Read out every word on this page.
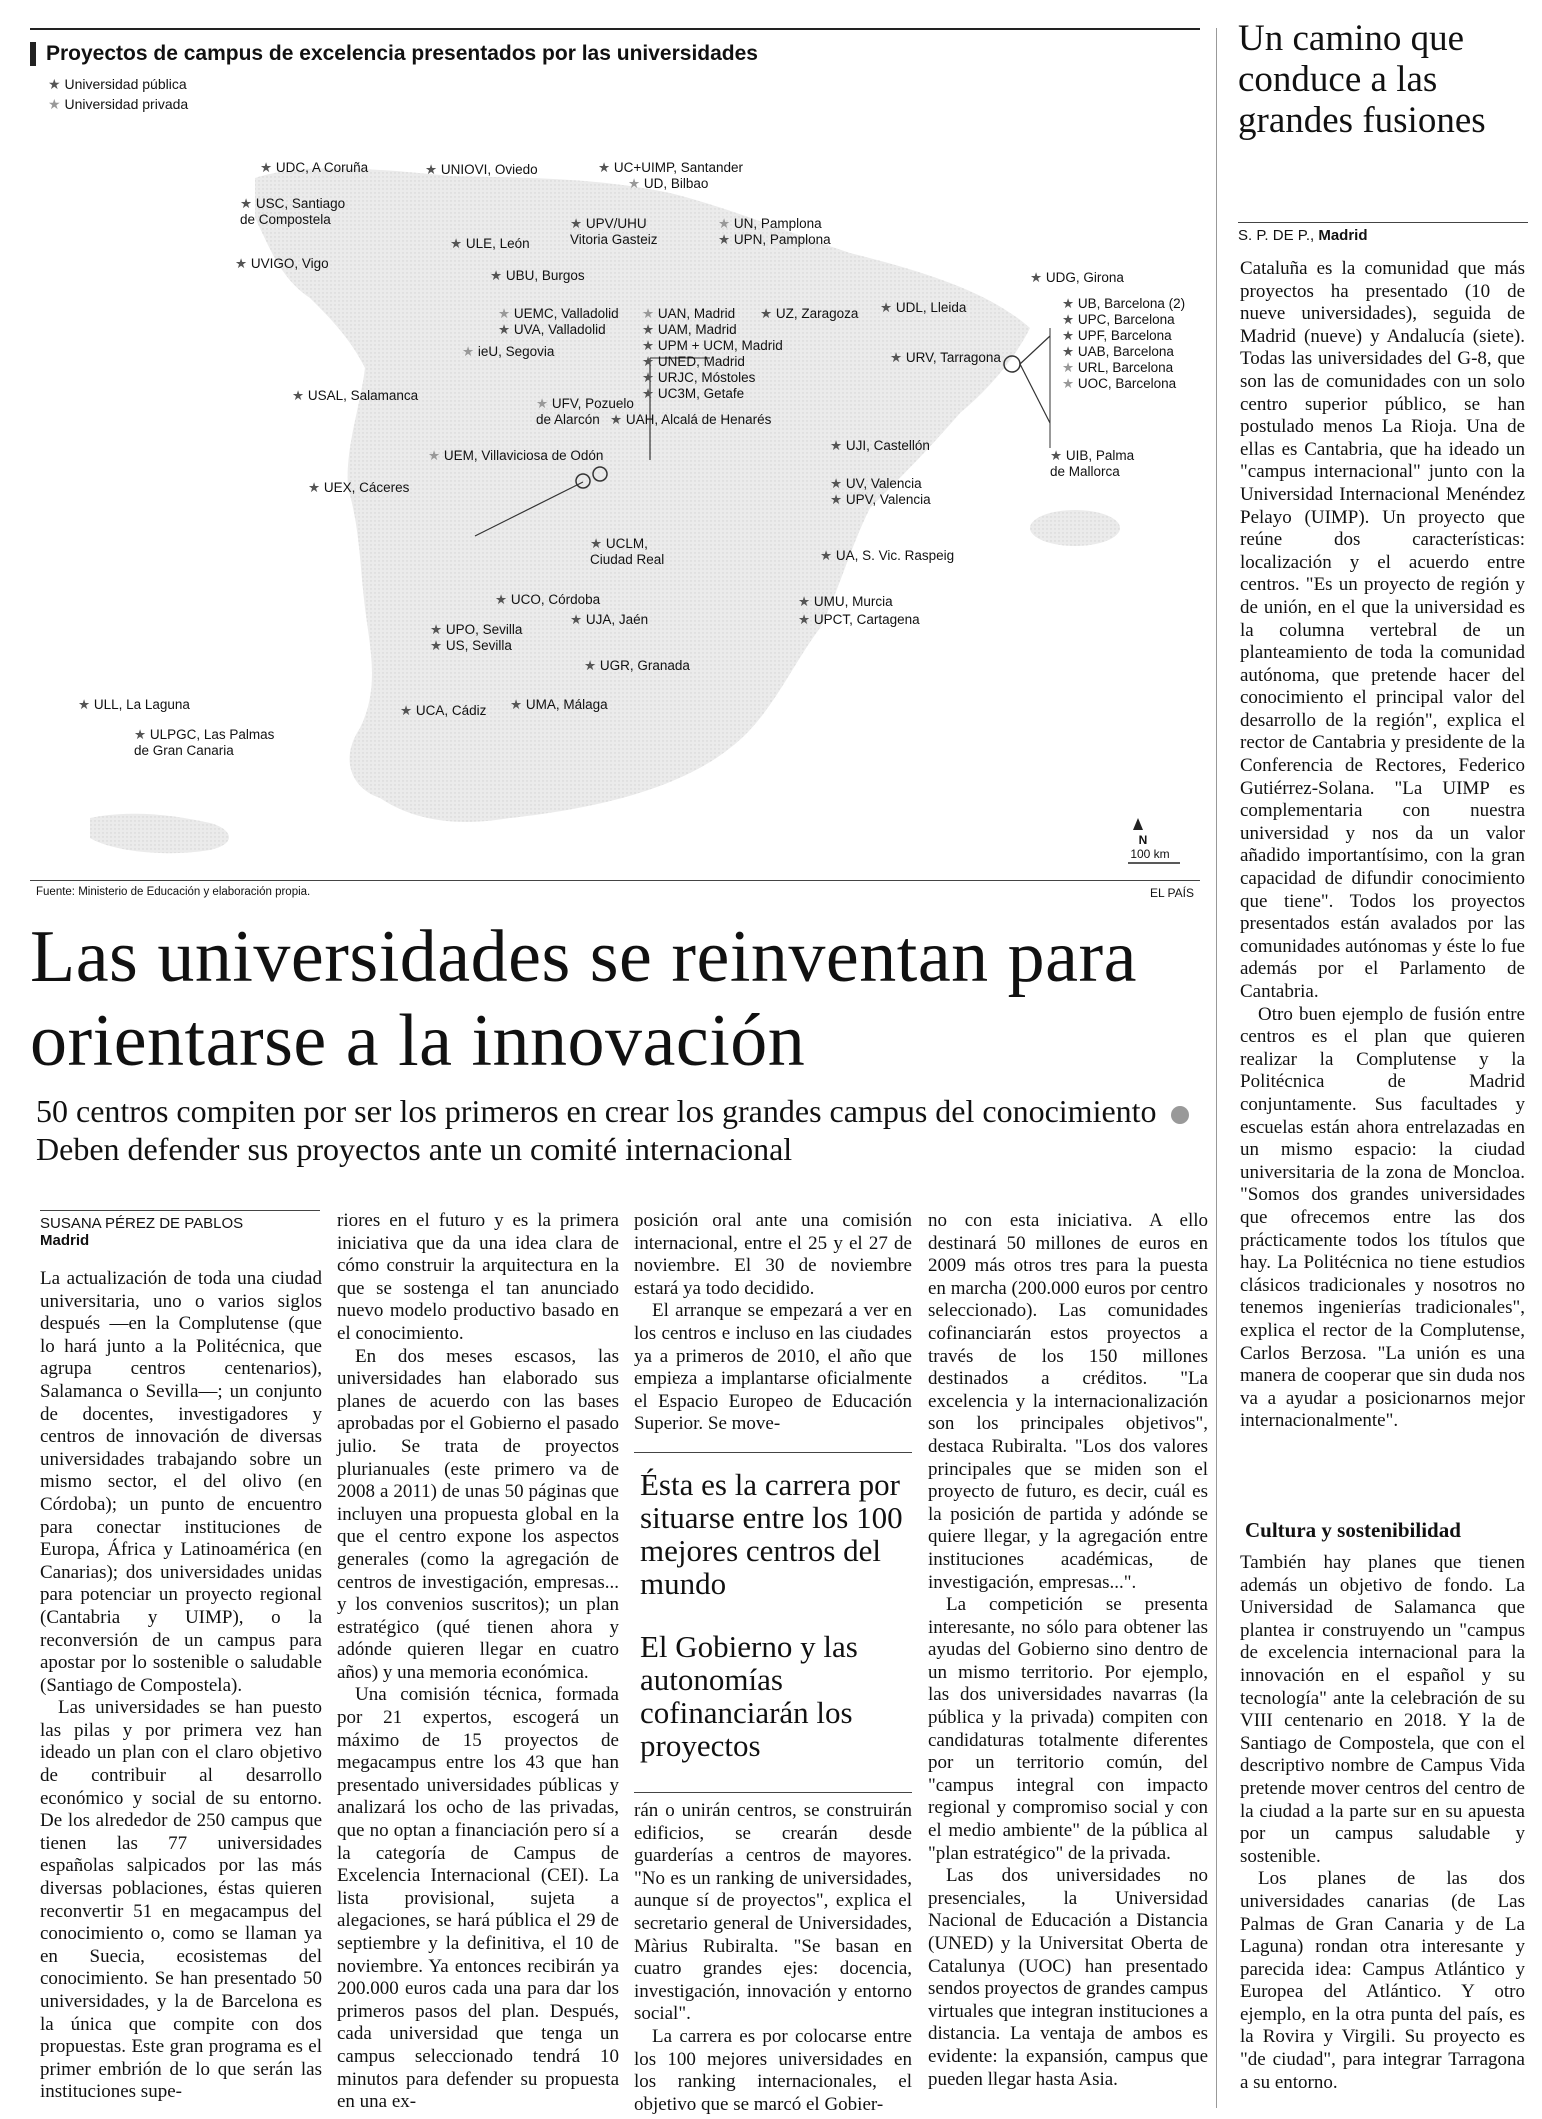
Proyectos de campus de excelencia presentados por las universidades
★ Universidad pública
★ Universidad privada
★ UDC, A Coruña	★ UNIOVI, Oviedo	★ UC+UIMP, Santander
★ UD, Bilbao
★ USC, Santiago
de Compostela	★ UPV/UHU
Vitoria Gasteiz
★ UN, Pamplona
★ UPN, Pamplona
★ ULE, León
★ UVIGO, Vigo
★ UBU, Burgos	★ UDG, Girona
★ UDL, Lleida
★ UEMC, Valladolid
★ UVA, Valladolid
★ ieU, Segovia
★ UAN, Madrid
★ UAM, Madrid
★ UPM + UCM, Madrid
★ UNED, Madrid
★ URJC, Móstoles
★ UC3M, Getafe
★ UZ, Zaragoza
★ URV, Tarragona
★ UB, Barcelona (2)
★ UPC, Barcelona
★ UPF, Barcelona
★ UAB, Barcelona
★ URL, Barcelona
★ UOC, Barcelona
★ USAL, Salamanca
★ UFV, Pozuelo
de Alarcón ★ UAH, Alcalá de Henarés
★ UJI, Castellón
★ UEM, Villaviciosa de Odón	★ UIB, Palma
de Mallorca
★ UEX, Cáceres	★ UV, Valencia
★ UPV, Valencia
★ UCLM,
Ciudad Real	★ UA, S. Vic. Raspeig
★ UCO, Córdoba	★ UMU, Murcia
★ UJA, Jaén	★ UPCT, Cartagena
★ UPO, Sevilla
★ US, Sevilla
★ UGR, Granada
★ ULL, La Laguna	★ UCA, Cádiz ★ UMA, Málaga
★ ULPGC, Las Palmas
de Gran Canaria
N
100 km
Fuente: Ministerio de Educación y elaboración propia.	EL PAÍS
Las universidades se reinventan para orientarse a la innovación
50 centros compiten por ser los primeros en crear los grandes campus del conocimiento  Deben defender sus proyectos ante un comité internacional
SUSANA PÉREZ DE PABLOS
Madrid

La actualización de toda una ciudad universitaria, uno o varios siglos después —en la Complutense (que lo hará junto a la Politécnica, que agrupa centros centenarios), Salamanca o Sevilla—; un conjunto de docentes, investigadores y centros de innovación de diversas universidades trabajando sobre un mismo sector, el del olivo (en Córdoba); un punto de encuentro para conectar instituciones de Europa, África y Latinoamérica (en Canarias); dos universidades unidas para potenciar un proyecto regional (Cantabria y UIMP), o la reconversión de un campus para apostar por lo sostenible o saludable (Santiago de Compostela).

Las universidades se han puesto las pilas y por primera vez han ideado un plan con el claro objetivo de contribuir al desarrollo económico y social de su entorno. De los alrededor de 250 campus que tienen las 77 universidades españolas salpicados por las más diversas poblaciones, éstas quieren reconvertir 51 en megacampus del conocimiento o, como se llaman ya en Suecia, ecosistemas del conocimiento. Se han presentado 50 universidades, y la de Barcelona es la única que compite con dos propuestas. Este gran programa es el primer embrión de lo que serán las instituciones supe-

riores en el futuro y es la primera iniciativa que da una idea clara de cómo construir la arquitectura en la que se sostenga el tan anunciado nuevo modelo productivo basado en el conocimiento.

En dos meses escasos, las universidades han elaborado sus planes de acuerdo con las bases aprobadas por el Gobierno el pasado julio. Se trata de proyectos plurianuales (este primero va de 2008 a 2011) de unas 50 páginas que incluyen una propuesta global en la que el centro expone los aspectos generales (como la agregación de centros de investigación, empresas... y los convenios suscritos); un plan estratégico (qué tienen ahora y adónde quieren llegar en cuatro años) y una memoria económica.

Una comisión técnica, formada por 21 expertos, escogerá un máximo de 15 proyectos de megacampus entre los 43 que han presentado universidades públicas y analizará los ocho de las privadas, que no optan a financiación pero sí a la categoría de Campus de Excelencia Internacional (CEI). La lista provisional, sujeta a alegaciones, se hará pública el 29 de septiembre y la definitiva, el 10 de noviembre. Ya entonces recibirán ya 200.000 euros cada una para dar los primeros pasos del plan. Después, cada universidad que tenga un campus seleccionado tendrá 10 minutos para defender su propuesta en una ex-

posición oral ante una comisión internacional, entre el 25 y el 27 de noviembre. El 30 de noviembre estará ya todo decidido.

El arranque se empezará a ver en los centros e incluso en las ciudades ya a primeros de 2010, el año que empieza a implantarse oficialmente el Espacio Europeo de Educación Superior. Se move-

Ésta es la carrera por situarse entre los 100 mejores centros del mundo
El Gobierno y las autonomías cofinanciarán los proyectos

rán o unirán centros, se construirán edificios, se crearán desde guarderías a centros de mayores. "No es un ranking de universidades, aunque sí de proyectos", explica el secretario general de Universidades, Màrius Rubiralta. "Se basan en cuatro grandes ejes: docencia, investigación, innovación y entorno social".

La carrera es por colocarse entre los 100 mejores universidades en los ranking internacionales, el objetivo que se marcó el Gobier-

no con esta iniciativa. A ello destinará 50 millones de euros en 2009 más otros tres para la puesta en marcha (200.000 euros por centro seleccionado). Las comunidades cofinanciarán estos proyectos a través de los 150 millones destinados a créditos. "La excelencia y la internacionalización son los principales objetivos", destaca Rubiralta. "Los dos valores principales que se miden son el proyecto de futuro, es decir, cuál es la posición de partida y adónde se quiere llegar, y la agregación entre instituciones académicas, de investigación, empresas...".

La competición se presenta interesante, no sólo para obtener las ayudas del Gobierno sino dentro de un mismo territorio. Por ejemplo, las dos universidades navarras (la pública y la privada) compiten con candidaturas totalmente diferentes por un territorio común, del "campus integral con impacto regional y compromiso social y con el medio ambiente" de la pública al "plan estratégico" de la privada.

Las dos universidades no presenciales, la Universidad Nacional de Educación a Distancia (UNED) y la Universitat Oberta de Catalunya (UOC) han presentado sendos proyectos de grandes campus virtuales que integran instituciones a distancia. La ventaja de ambos es evidente: la expansión, campus que pueden llegar hasta Asia.

Un camino que conduce a las grandes fusiones
S. P. DE P., Madrid

Cataluña es la comunidad que más proyectos ha presentado (10 de nueve universidades), seguida de Madrid (nueve) y Andalucía (siete). Todas las universidades del G-8, que son las de comunidades con un solo centro superior público, se han postulado menos La Rioja. Una de ellas es Cantabria, que ha ideado un "campus internacional" junto con la Universidad Internacional Menéndez Pelayo (UIMP). Un proyecto que reúne dos características: localización y el acuerdo entre centros. "Es un proyecto de región y de unión, en el que la universidad es la columna vertebral de un planteamiento de toda la comunidad autónoma, que pretende hacer del conocimiento el principal valor del desarrollo de la región", explica el rector de Cantabria y presidente de la Conferencia de Rectores, Federico Gutiérrez-Solana. "La UIMP es complementaria con nuestra universidad y nos da un valor añadido importantísimo, con la gran capacidad de difundir conocimiento que tiene". Todos los proyectos presentados están avalados por las comunidades autónomas y éste lo fue además por el Parlamento de Cantabria.

Otro buen ejemplo de fusión entre centros es el plan que quieren realizar la Complutense y la Politécnica de Madrid conjuntamente. Sus facultades y escuelas están ahora entrelazadas en un mismo espacio: la ciudad universitaria de la zona de Moncloa. "Somos dos grandes universidades que ofrecemos entre las dos prácticamente todos los títulos que hay. La Politécnica no tiene estudios clásicos tradicionales y nosotros no tenemos ingenierías tradicionales", explica el rector de la Complutense, Carlos Berzosa. "La unión es una manera de cooperar que sin duda nos va a ayudar a posicionarnos mejor internacionalmente".

Cultura y sostenibilidad

También hay planes que tienen además un objetivo de fondo. La Universidad de Salamanca que plantea ir construyendo un "campus de excelencia internacional para la innovación en el español y su tecnología" ante la celebración de su VIII centenario en 2018. Y la de Santiago de Compostela, que con el descriptivo nombre de Campus Vida pretende mover centros del centro de la ciudad a la parte sur en su apuesta por un campus saludable y sostenible.

Los planes de las dos universidades canarias (de Las Palmas de Gran Canaria y de La Laguna) rondan otra interesante y parecida idea: Campus Atlántico y Europea del Atlántico. Y otro ejemplo, en la otra punta del país, es la Rovira y Virgili. Su proyecto es "de ciudad", para integrar Tarragona a su entorno.
